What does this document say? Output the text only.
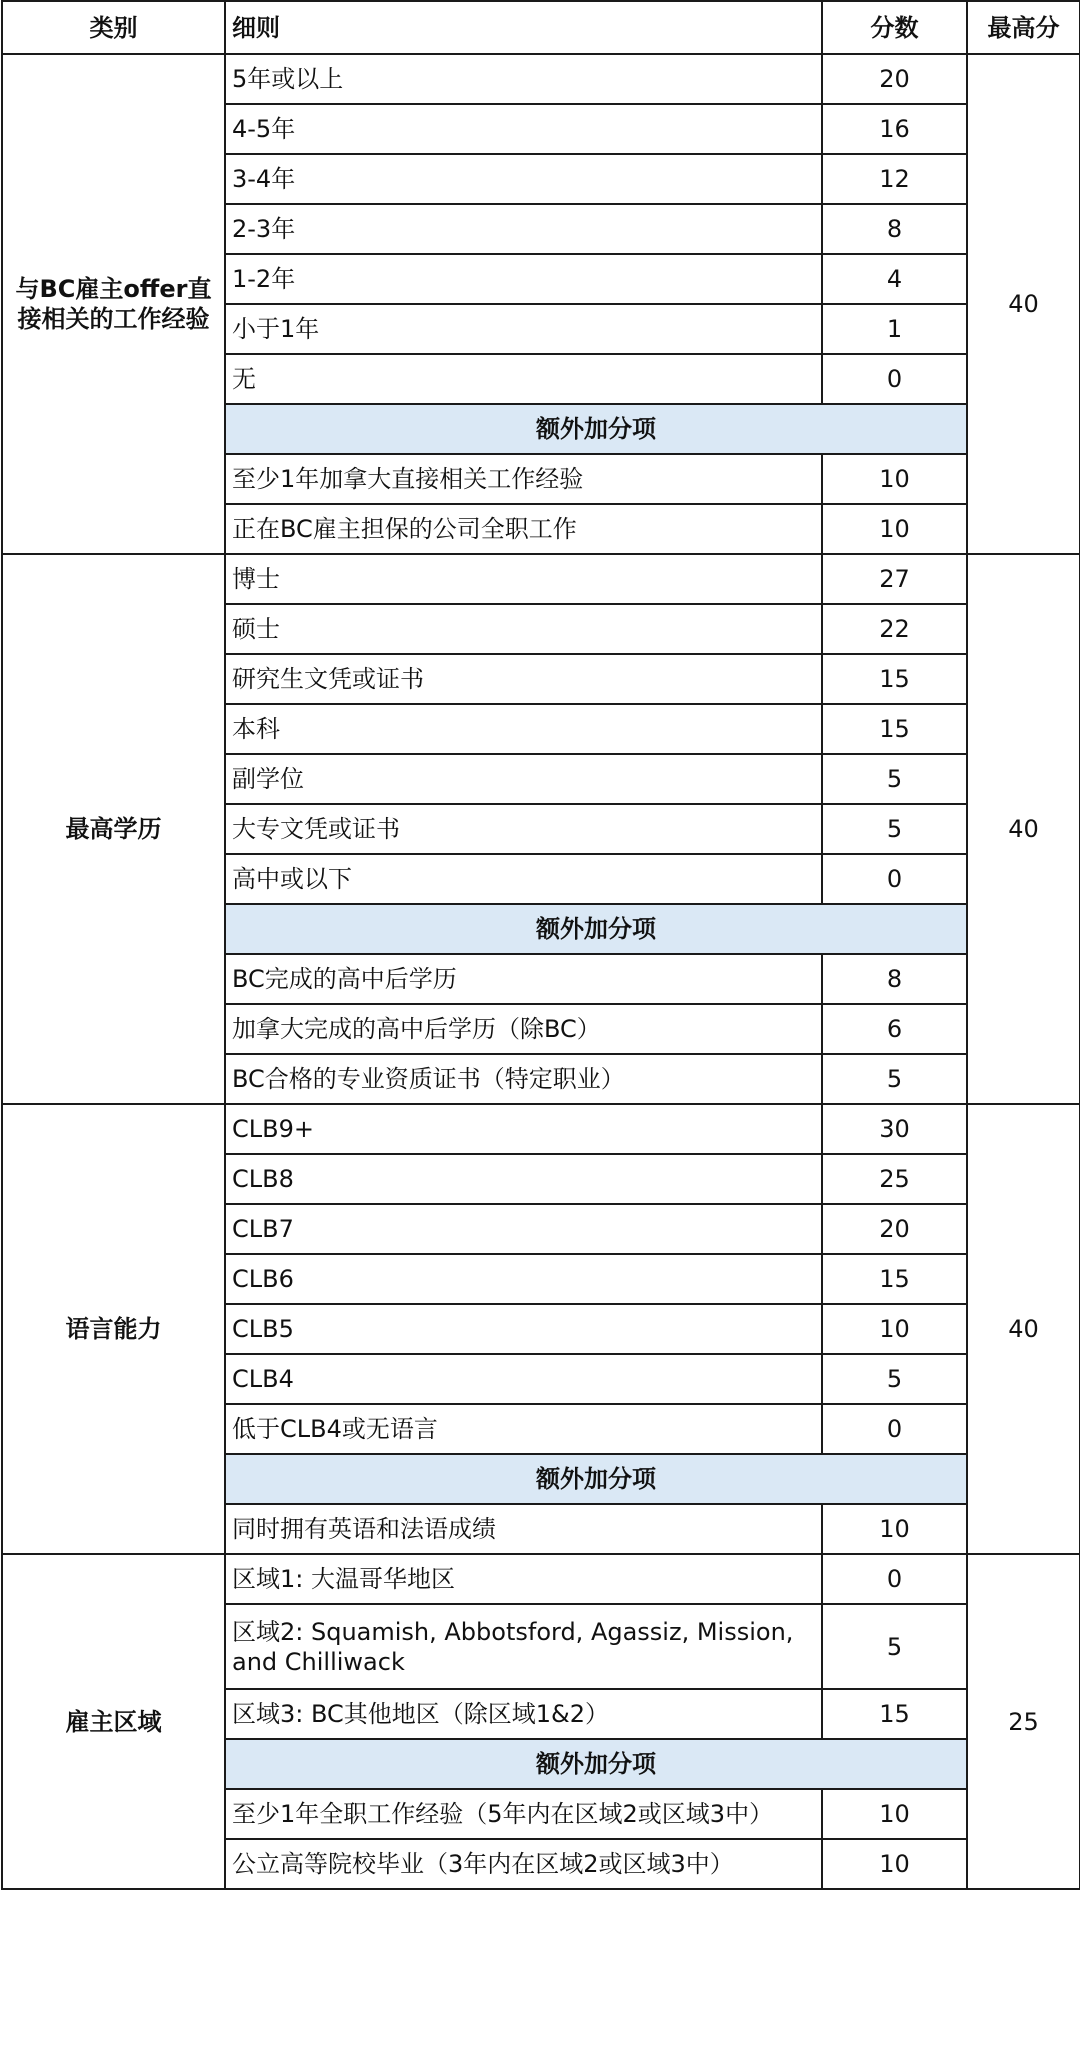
类别	细则	分数	最高分
与BC雇主offer直接相关的工作经验	5年或以上	20	40
	4-5年	16	
	3-4年	12	
	2-3年	8	
	1-2年	4	
	小于1年	1	
	无	0	
	额外加分项		
	至少1年加拿大直接相关工作经验	10	
	正在BC雇主担保的公司全职工作	10	
最高学历	博士	27	40
	硕士	22	
	研究生文凭或证书	15	
	本科	15	
	副学位	5	
	大专文凭或证书	5	
	高中或以下	0	
	额外加分项		
	BC完成的高中后学历	8	
	加拿大完成的高中后学历（除BC）	6	
	BC合格的专业资质证书（特定职业）	5	
语言能力	CLB9+	30	40
	CLB8	25	
	CLB7	20	
	CLB6	15	
	CLB5	10	
	CLB4	5	
	低于CLB4或无语言	0	
	额外加分项		
	同时拥有英语和法语成绩	10	
雇主区域	区域1: 大温哥华地区	0	25
	区域2: Squamish, Abbotsford, Agassiz, Mission, and Chilliwack	5	
	区域3: BC其他地区（除区域1&2）	15	
	额外加分项		
	至少1年全职工作经验（5年内在区域2或区域3中）	10	
	公立高等院校毕业（3年内在区域2或区域3中）	10	
